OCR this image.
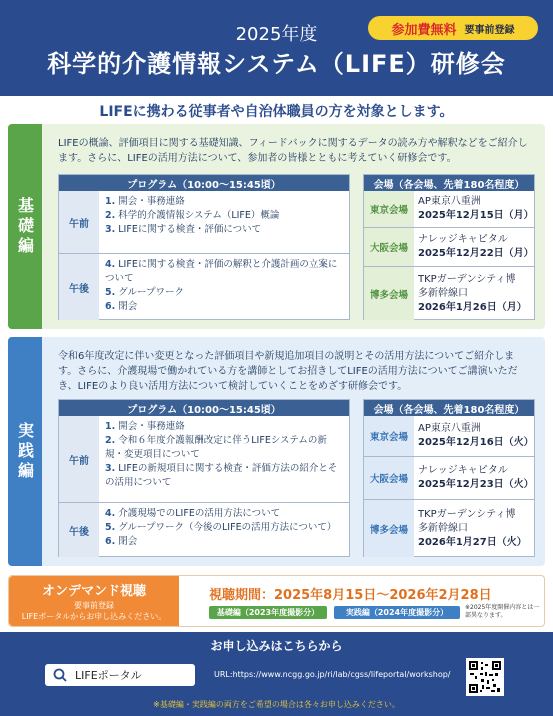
2025年度
科学的介護情報システム（LIFE）研修会
参加費無料 要事前登録
LIFEに携わる従事者や自治体職員の方を対象とします。
基礎編
LIFEの概論、評価項目に関する基礎知識、フィードバックに関するデータの読み方や解釈などをご紹介します。さらに、LIFEの活用方法について、参加者の皆様とともに考えていく研修会です。
プログラム（10:00〜15:45頃）
午前
1. 開会・事務連絡
2. 科学的介護情報システム（LIFE）概論
3. LIFEに関する検査・評価について
午後
4. LIFEに関する検査・評価の解釈と介護計画の立案について
5. グループワーク
6. 閉会
会場（各会場、先着180名程度）
東京会場
AP東京八重洲
2025年12月15日（月）
大阪会場
ナレッジキャピタル
2025年12月22日（月）
博多会場
TKPガーデンシティ博多新幹線口
2026年1月26日（月）
実践編
令和6年度改定に伴い変更となった評価項目や新規追加項目の説明とその活用方法についてご紹介します。さらに、介護現場で働かれている方を講師としてお招きしてLIFEの活用方法についてご講演いただき、LIFEのより良い活用方法について検討していくことをめざす研修会です。
プログラム（10:00〜15:45頃）
午前
1. 開会・事務連絡
2. 令和６年度介護報酬改定に伴うLIFEシステムの新規・変更項目について
3. LIFEの新規項目に関する検査・評価方法の紹介とその活用について
午後
4. 介護現場でのLIFEの活用方法について
5. グループワーク（今後のLIFEの活用方法について）
6. 閉会
会場（各会場、先着180名程度）
東京会場
AP東京八重洲
2025年12月16日（火）
大阪会場
ナレッジキャピタル
2025年12月23日（火）
博多会場
TKPガーデンシティ博多新幹線口
2026年1月27日（火）
オンデマンド視聴
要事前登録
LIFEポータルからお申し込みください。
視聴期間：2025年8月15日〜2026年2月28日
基礎編（2023年度撮影分）	実践編（2024年度撮影分）
※2025年度開催内容とは一部異なります。
お申し込みはこちらから
LIFEポータル	URL:https://www.ncgg.go.jp/ri/lab/cgss/lifeportal/workshop/
※基礎編・実践編の両方をご希望の場合は各々お申し込みください。
